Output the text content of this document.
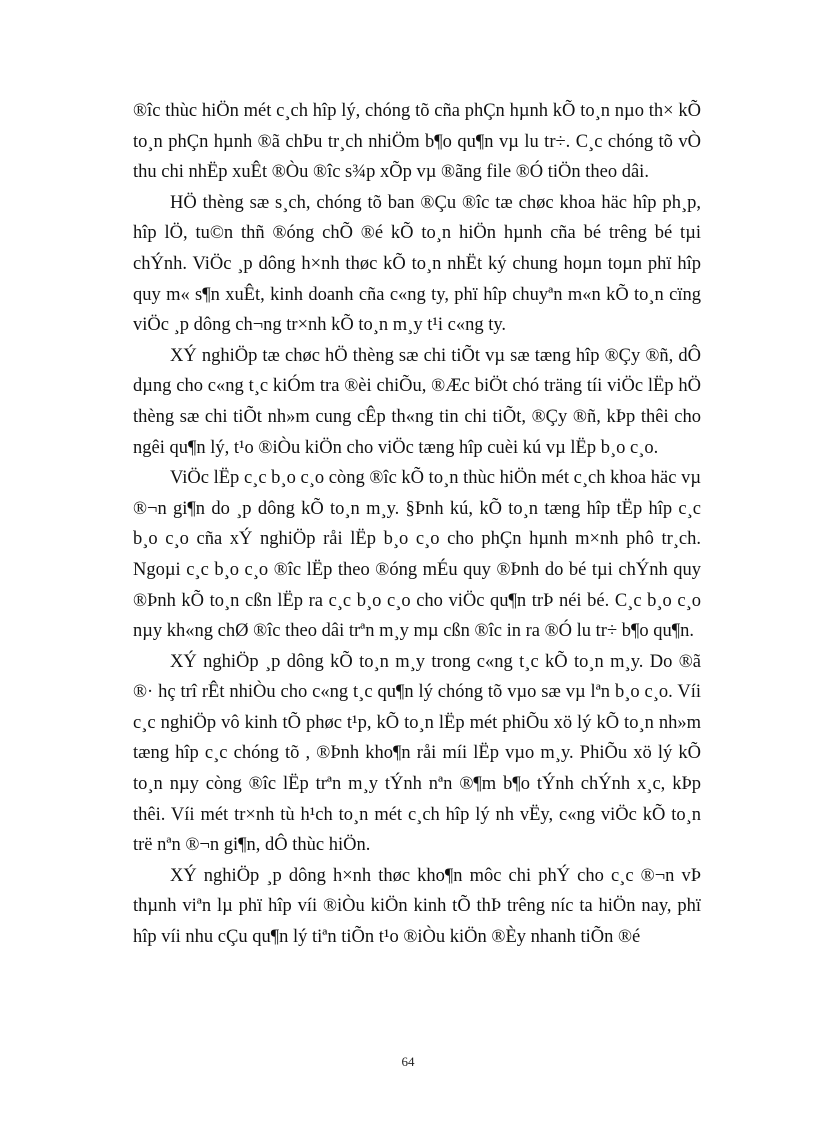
®îc thùc hiÖn mét c¸ch hîp lý, chóng tõ cña phÇn hµnh kÕ to¸n nµo th× kÕ to¸n phÇn hµnh ®ã chÞu tr¸ch nhiÖm b¶o qu¶n vµ lu tr÷. C¸c chóng tõ vÒ thu chi nhËp xuÊt ®Òu ®îc s¾p xÕp vµ ®ãng file ®Ó tiÖn theo dâi.

HÖ thèng sæ s¸ch, chóng tõ ban ®Çu ®îc tæ chøc khoa häc hîp ph¸p, hîp lÖ, tu©n thñ ®óng chÕ ®é kÕ to¸n hiÖn hµnh cña bé trêng bé tµi chÝnh. ViÖc ¸p dông h×nh thøc kÕ to¸n nhËt ký chung hoµn toµn phï hîp quy m« s¶n xuÊt, kinh doanh cña c«ng ty, phï hîp chuyªn m«n kÕ to¸n cïng viÖc ¸p dông ch¬ng tr×nh kÕ to¸n m¸y t¹i c«ng ty.

XÝ nghiÖp tæ chøc hÖ thèng sæ chi tiÕt vµ sæ tæng hîp ®Çy ®ñ, dÔ dµng cho c«ng t¸c kiÓm tra ®èi chiÕu, ®Æc biÖt chó träng tíi viÖc lËp hÖ thèng sæ chi tiÕt nh»m cung cÊp th«ng tin chi tiÕt, ®Çy ®ñ, kÞp thêi cho ngêi qu¶n lý, t¹o ®iÒu kiÖn cho viÖc tæng hîp cuèi kú vµ lËp b¸o c¸o.

ViÖc lËp c¸c b¸o c¸o còng ®îc kÕ to¸n thùc hiÖn mét c¸ch khoa häc vµ ®¬n gi¶n do ¸p dông kÕ to¸n m¸y. §Þnh kú, kÕ to¸n tæng hîp tËp hîp c¸c b¸o c¸o cña xÝ nghiÖp råi lËp b¸o c¸o cho phÇn hµnh m×nh phô tr¸ch. Ngoµi c¸c b¸o c¸o ®îc lËp theo ®óng mÉu quy ®Þnh do bé tµi chÝnh quy ®Þnh kÕ to¸n cßn lËp ra c¸c b¸o c¸o cho viÖc qu¶n trÞ néi bé. C¸c b¸o c¸o nµy kh«ng chØ ®îc theo dâi trªn m¸y mµ cßn ®îc in ra ®Ó lu tr÷ b¶o qu¶n.

XÝ nghiÖp ¸p dông kÕ to¸n m¸y trong c«ng t¸c kÕ to¸n m¸y. Do ®ã ®· hç trî rÊt nhiÒu cho c«ng t¸c qu¶n lý chóng tõ vµo sæ vµ lªn b¸o c¸o. Víi c¸c nghiÖp vô kinh tÕ phøc t¹p, kÕ to¸n lËp mét phiÕu xö lý kÕ to¸n nh»m tæng hîp c¸c chóng tõ , ®Þnh kho¶n råi míi lËp vµo m¸y. PhiÕu xö lý kÕ to¸n nµy còng ®îc lËp trªn m¸y tÝnh nªn ®¶m b¶o tÝnh chÝnh x¸c, kÞp thêi. Víi mét tr×nh tù h¹ch to¸n mét c¸ch hîp lý nh vËy, c«ng viÖc kÕ to¸n trë nªn ®¬n gi¶n, dÔ thùc hiÖn.

XÝ nghiÖp ¸p dông h×nh thøc kho¶n môc chi phÝ cho c¸c ®¬n vÞ thµnh viªn lµ phï hîp víi ®iÒu kiÖn kinh tÕ thÞ trêng níc ta hiÖn nay, phï hîp víi nhu cÇu qu¶n lý tiªn tiÕn t¹o ®iÒu kiÖn ®Èy nhanh tiÕn ®é

64
